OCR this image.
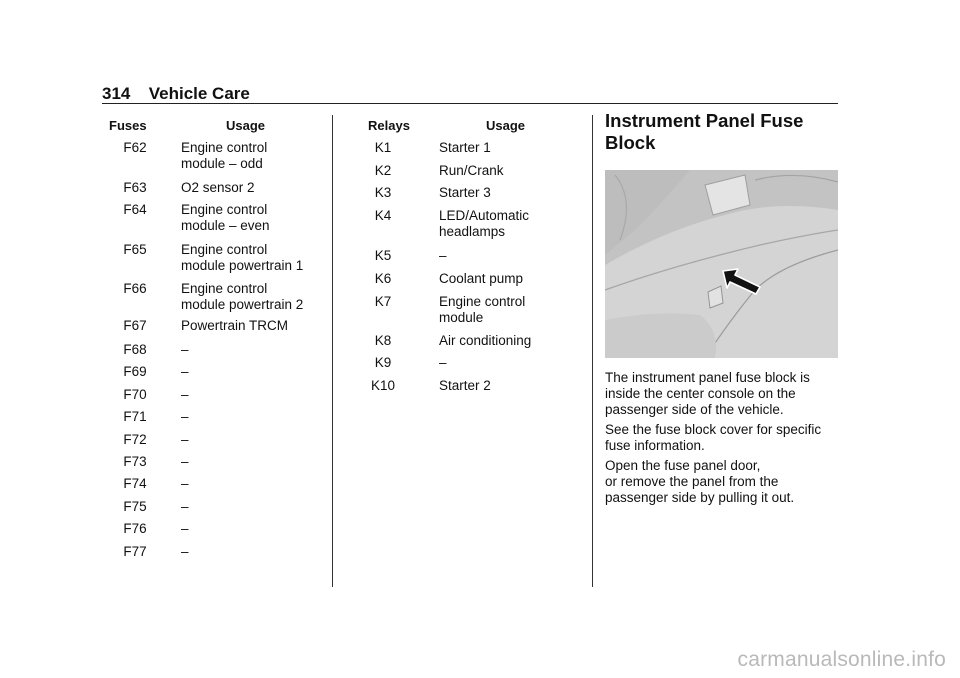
314 Vehicle Care
Fuses	Usage
F62	Engine control
module – odd
F63	O2 sensor 2
F64	Engine control
module – even
F65	Engine control
module powertrain 1
F66	Engine control
module powertrain 2
F67	Powertrain TRCM
F68	–
F69	–
F70	–
F71	–
F72	–
F73	–
F74	–
F75	–
F76	–
F77	–
Relays	Usage
K1	Starter 1
K2	Run/Crank
K3	Starter 3
K4	LED/Automatic
headlamps
K5	–
K6	Coolant pump
K7	Engine control
module
K8	Air conditioning
K9	–
K10	Starter 2
Instrument Panel Fuse
Block
The instrument panel fuse block is
inside the center console on the
passenger side of the vehicle.
See the fuse block cover for specific
fuse information.
Open the fuse panel door,
or remove the panel from the
passenger side by pulling it out.
carmanualsonline.info
